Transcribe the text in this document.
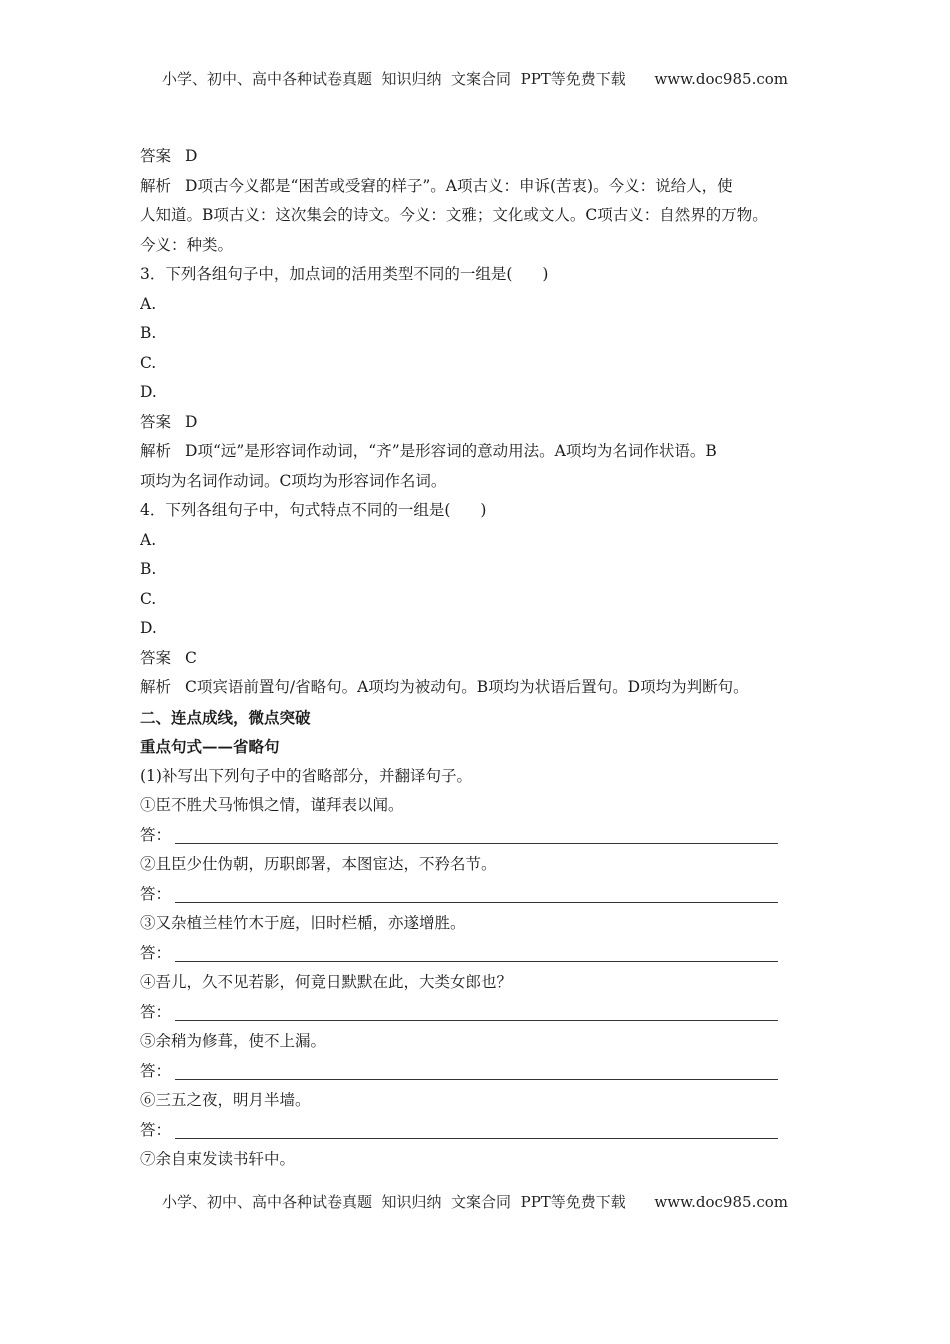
小学、初中、高中各种试卷真题  知识归纳  文案合同  PPT等免费下载      www.doc985.com
答案 D
解析 D项古今义都是“困苦或受窘的样子”。A项古义：申诉(苦衷)。今义：说给人，使
人知道。B项古义：这次集会的诗文。今义：文雅；文化或文人。C项古义：自然界的万物。
今义：种类。
3．下列各组句子中，加点词的活用类型不同的一组是( )
A.
B.
C.
D.
答案 D
解析 D项“远”是形容词作动词，“齐”是形容词的意动用法。A项均为名词作状语。B
项均为名词作动词。C项均为形容词作名词。
4．下列各组句子中，句式特点不同的一组是( )
A.
B.
C.
D.
答案 C
解析 C项宾语前置句/省略句。A项均为被动句。B项均为状语后置句。D项均为判断句。
二、连点成线，微点突破
重点句式——省略句
(1)补写出下列句子中的省略部分，并翻译句子。
①臣不胜犬马怖惧之情，谨拜表以闻。
答：
②且臣少仕伪朝，历职郎署，本图宦达，不矜名节。
答：
③又杂植兰桂竹木于庭，旧时栏楯，亦遂增胜。
答：
④吾儿，久不见若影，何竟日默默在此，大类女郎也？
答：
⑤余稍为修葺，使不上漏。
答：
⑥三五之夜，明月半墙。
答：
⑦余自束发读书轩中。
小学、初中、高中各种试卷真题  知识归纳  文案合同  PPT等免费下载      www.doc985.com
